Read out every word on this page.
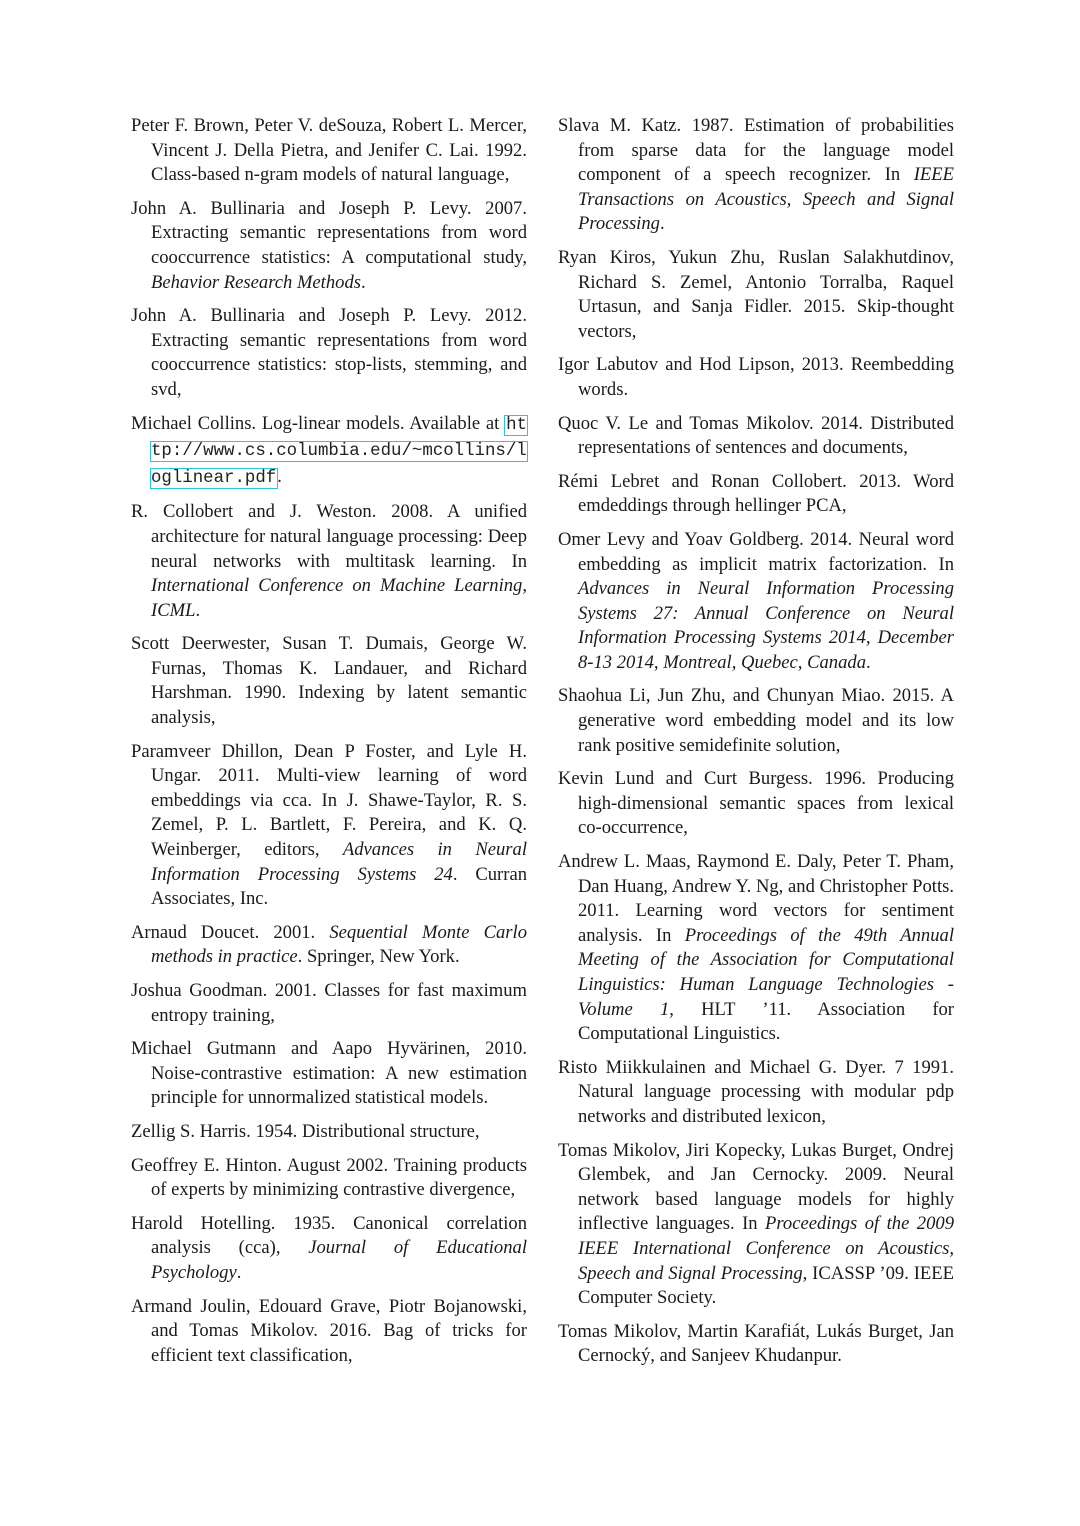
Peter F. Brown, Peter V. deSouza, Robert L. Mercer, Vincent J. Della Pietra, and Jenifer C. Lai. 1992. Class-based n-gram models of natural language,

John A. Bullinaria and Joseph P. Levy. 2007. Extracting semantic representations from word cooccurrence statistics: A computational study, Behavior Research Methods.

John A. Bullinaria and Joseph P. Levy. 2012. Extracting semantic representations from word cooccurrence statistics: stop-lists, stemming, and svd,

Michael Collins. Log-linear models. Available at http://www.cs.columbia.edu/~mcollins/loglinear.pdf.

R. Collobert and J. Weston. 2008. A unified architecture for natural language processing: Deep neural networks with multitask learning. In International Conference on Machine Learning, ICML.

Scott Deerwester, Susan T. Dumais, George W. Furnas, Thomas K. Landauer, and Richard Harshman. 1990. Indexing by latent semantic analysis,

Paramveer Dhillon, Dean P Foster, and Lyle H. Ungar. 2011. Multi-view learning of word embeddings via cca. In J. Shawe-Taylor, R. S. Zemel, P. L. Bartlett, F. Pereira, and K. Q. Weinberger, editors, Advances in Neural Information Processing Systems 24. Curran Associates, Inc.

Arnaud Doucet. 2001. Sequential Monte Carlo methods in practice. Springer, New York.

Joshua Goodman. 2001. Classes for fast maximum entropy training,

Michael Gutmann and Aapo Hyvärinen, 2010. Noise-contrastive estimation: A new estimation principle for unnormalized statistical models.

Zellig S. Harris. 1954. Distributional structure,

Geoffrey E. Hinton. August 2002. Training products of experts by minimizing contrastive divergence,

Harold Hotelling. 1935. Canonical correlation analysis (cca), Journal of Educational Psychology.

Armand Joulin, Edouard Grave, Piotr Bojanowski, and Tomas Mikolov. 2016. Bag of tricks for efficient text classification,

Slava M. Katz. 1987. Estimation of probabilities from sparse data for the language model component of a speech recognizer. In IEEE Transactions on Acoustics, Speech and Signal Processing.

Ryan Kiros, Yukun Zhu, Ruslan Salakhutdinov, Richard S. Zemel, Antonio Torralba, Raquel Urtasun, and Sanja Fidler. 2015. Skip-thought vectors,

Igor Labutov and Hod Lipson, 2013. Reembedding words.

Quoc V. Le and Tomas Mikolov. 2014. Distributed representations of sentences and documents,

Rémi Lebret and Ronan Collobert. 2013. Word emdeddings through hellinger PCA,

Omer Levy and Yoav Goldberg. 2014. Neural word embedding as implicit matrix factorization. In Advances in Neural Information Processing Systems 27: Annual Conference on Neural Information Processing Systems 2014, December 8-13 2014, Montreal, Quebec, Canada.

Shaohua Li, Jun Zhu, and Chunyan Miao. 2015. A generative word embedding model and its low rank positive semidefinite solution,

Kevin Lund and Curt Burgess. 1996. Producing high-dimensional semantic spaces from lexical co-occurrence,

Andrew L. Maas, Raymond E. Daly, Peter T. Pham, Dan Huang, Andrew Y. Ng, and Christopher Potts. 2011. Learning word vectors for sentiment analysis. In Proceedings of the 49th Annual Meeting of the Association for Computational Linguistics: Human Language Technologies - Volume 1, HLT ’11. Association for Computational Linguistics.

Risto Miikkulainen and Michael G. Dyer. 7 1991. Natural language processing with modular pdp networks and distributed lexicon,

Tomas Mikolov, Jiri Kopecky, Lukas Burget, Ondrej Glembek, and Jan Cernocky. 2009. Neural network based language models for highly inflective languages. In Proceedings of the 2009 IEEE International Conference on Acoustics, Speech and Signal Processing, ICASSP ’09. IEEE Computer Society.

Tomas Mikolov, Martin Karafiát, Lukás Burget, Jan Cernocký, and Sanjeev Khudanpur.
